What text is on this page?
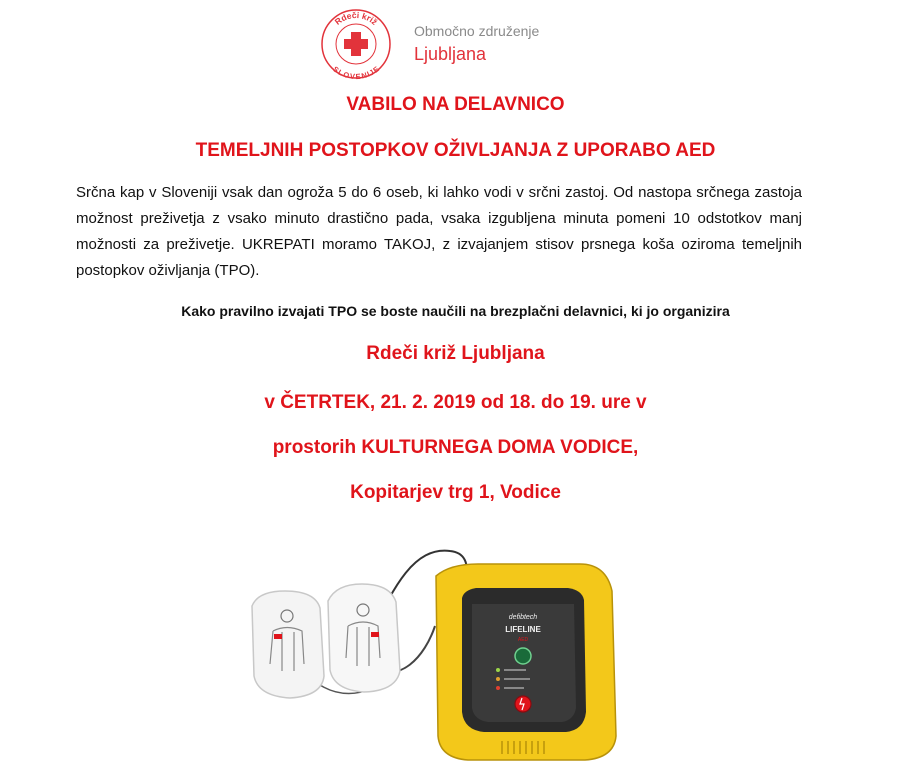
Rdeči križ
SLOVENIJE
Območno združenje
Ljubljana
VABILO NA DELAVNICO
TEMELJNIH POSTOPKOV OŽIVLJANJA Z UPORABO AED
Srčna kap v Sloveniji vsak dan ogroža 5 do 6 oseb, ki lahko vodi v srčni zastoj. Od nastopa srčnega zastoja možnost preživetja z vsako minuto drastično pada, vsaka izgubljena minuta pomeni 10 odstotkov manj možnosti za preživetje. UKREPATI moramo TAKOJ, z izvajanjem stisov prsnega koša oziroma temeljnih postopkov oživljanja (TPO).
Kako pravilno izvajati TPO se boste naučili na brezplačni delavnici, ki jo organizira
Rdeči križ Ljubljana
v ČETRTEK, 21. 2. 2019 od 18. do 19. ure v
prostorih KULTURNEGA DOMA VODICE,
Kopitarjev trg 1, Vodice
defibtech
LIFELINE
AED
